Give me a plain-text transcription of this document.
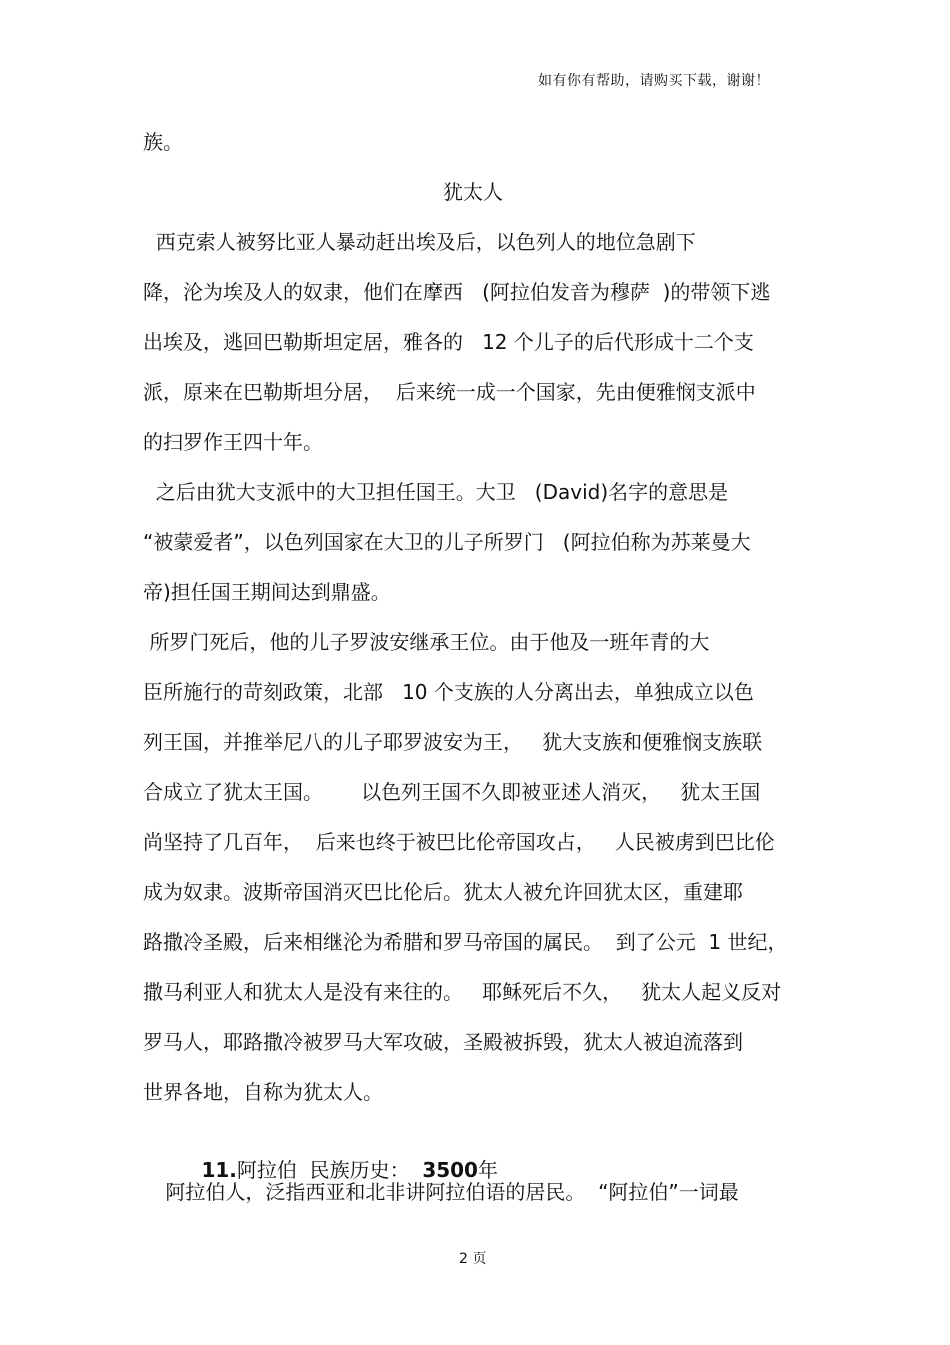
如有你有帮助，请购买下载，谢谢！
族。
犹太人
西克索人被努比亚人暴动赶出埃及后，以色列人的地位急剧下
降，沦为埃及人的奴隶，他们在摩西   (阿拉伯发音为穆萨  )的带领下逃
出埃及，逃回巴勒斯坦定居，雅各的   12 个儿子的后代形成十二个支
派，原来在巴勒斯坦分居，  后来统一成一个国家，先由便雅悯支派中
的扫罗作王四十年。
之后由犹大支派中的大卫担任国王。大卫   (David)名字的意思是
“被蒙爱者”，以色列国家在大卫的儿子所罗门   (阿拉伯称为苏莱曼大
帝)担任国王期间达到鼎盛。
所罗门死后，他的儿子罗波安继承王位。由于他及一班年青的大
臣所施行的苛刻政策，北部   10 个支族的人分离出去，单独成立以色
列王国，并推举尼八的儿子耶罗波安为王，   犹大支族和便雅悯支族联
合成立了犹太王国。      以色列王国不久即被亚述人消灭，   犹太王国
尚坚持了几百年，  后来也终于被巴比伦帝国攻占，   人民被虏到巴比伦
成为奴隶。波斯帝国消灭巴比伦后。犹太人被允许回犹太区，重建耶
路撒冷圣殿，后来相继沦为希腊和罗马帝国的属民。  到了公元  1 世纪，
撒马利亚人和犹太人是没有来往的。   耶稣死后不久，   犹太人起义反对
罗马人，耶路撒冷被罗马大军攻破，圣殿被拆毁，犹太人被迫流落到
世界各地，自称为犹太人。

11.阿拉伯 民族历史： 3500年

阿拉伯人，泛指西亚和北非讲阿拉伯语的居民。  “阿拉伯”一词最
2 页
